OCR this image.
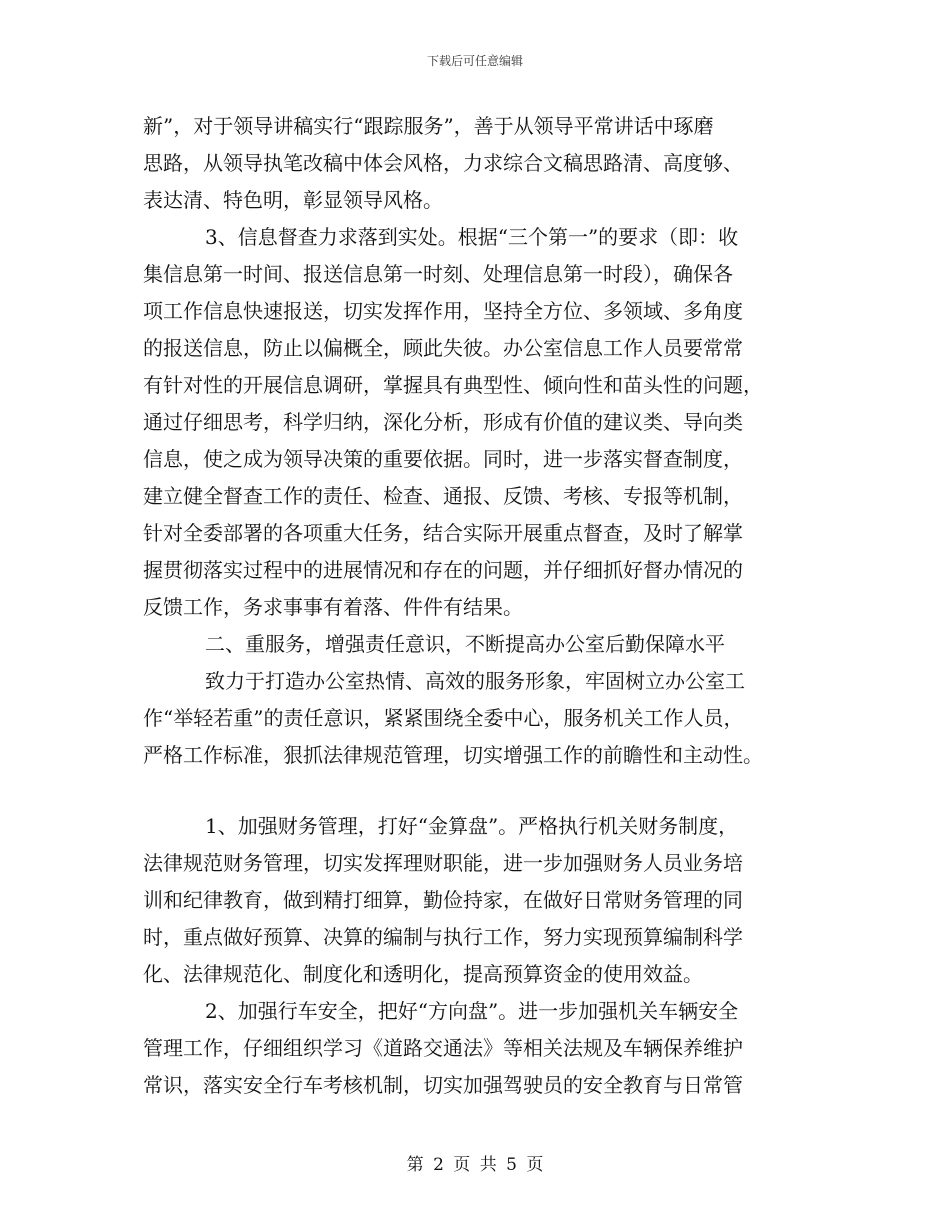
下载后可任意编辑
新”，对于领导讲稿实行“跟踪服务”，善于从领导平常讲话中琢磨
思路，从领导执笔改稿中体会风格，力求综合文稿思路清、高度够、
表达清、特色明，彰显领导风格。
3、信息督查力求落到实处。根据“三个第一”的要求（即：收
集信息第一时间、报送信息第一时刻、处理信息第一时段），确保各
项工作信息快速报送，切实发挥作用，坚持全方位、多领域、多角度
的报送信息，防止以偏概全，顾此失彼。办公室信息工作人员要常常
有针对性的开展信息调研，掌握具有典型性、倾向性和苗头性的问题，
通过仔细思考，科学归纳，深化分析，形成有价值的建议类、导向类
信息，使之成为领导决策的重要依据。同时，进一步落实督查制度，
建立健全督查工作的责任、检查、通报、反馈、考核、专报等机制，
针对全委部署的各项重大任务，结合实际开展重点督查，及时了解掌
握贯彻落实过程中的进展情况和存在的问题，并仔细抓好督办情况的
反馈工作，务求事事有着落、件件有结果。
二、重服务，增强责任意识，不断提高办公室后勤保障水平
致力于打造办公室热情、高效的服务形象，牢固树立办公室工
作“举轻若重”的责任意识，紧紧围绕全委中心，服务机关工作人员，
严格工作标准，狠抓法律规范管理，切实增强工作的前瞻性和主动性。
1、加强财务管理，打好“金算盘”。严格执行机关财务制度，
法律规范财务管理，切实发挥理财职能，进一步加强财务人员业务培
训和纪律教育，做到精打细算，勤俭持家，在做好日常财务管理的同
时，重点做好预算、决算的编制与执行工作，努力实现预算编制科学
化、法律规范化、制度化和透明化，提高预算资金的使用效益。
2、加强行车安全，把好“方向盘”。进一步加强机关车辆安全
管理工作，仔细组织学习《道路交通法》等相关法规及车辆保养维护
常识，落实安全行车考核机制，切实加强驾驶员的安全教育与日常管
第 2 页 共 5 页
